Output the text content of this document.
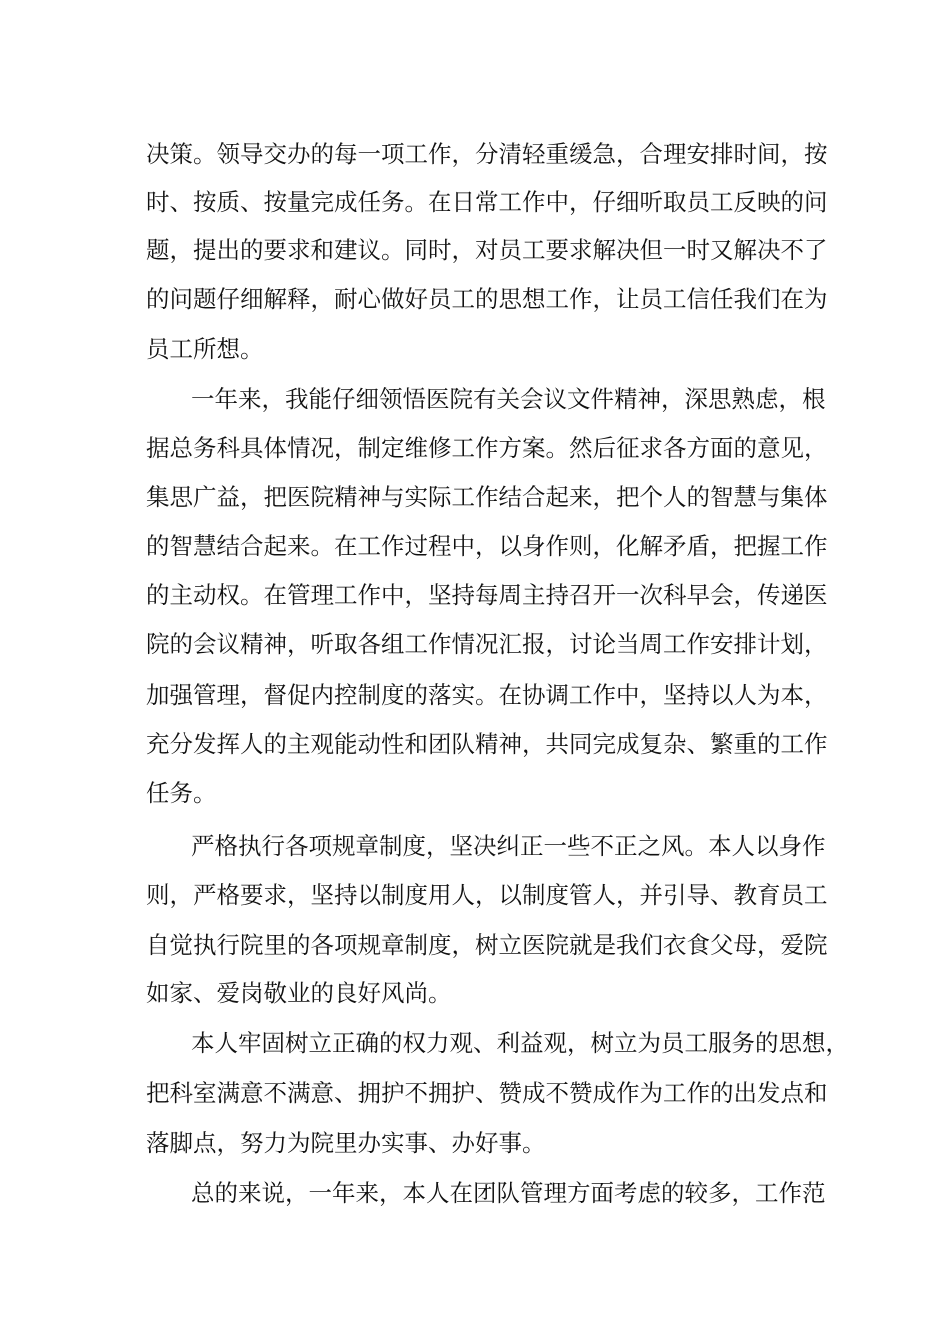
决策。领导交办的每一项工作，分清轻重缓急，合理安排时间，按
时、按质、按量完成任务。在日常工作中，仔细听取员工反映的问
题，提出的要求和建议。同时，对员工要求解决但一时又解决不了
的问题仔细解释，耐心做好员工的思想工作，让员工信任我们在为
员工所想。
一年来，我能仔细领悟医院有关会议文件精神，深思熟虑，根
据总务科具体情况，制定维修工作方案。然后征求各方面的意见，
集思广益，把医院精神与实际工作结合起来，把个人的智慧与集体
的智慧结合起来。在工作过程中，以身作则，化解矛盾，把握工作
的主动权。在管理工作中，坚持每周主持召开一次科早会，传递医
院的会议精神，听取各组工作情况汇报，讨论当周工作安排计划，
加强管理，督促内控制度的落实。在协调工作中，坚持以人为本，
充分发挥人的主观能动性和团队精神，共同完成复杂、繁重的工作
任务。
严格执行各项规章制度，坚决纠正一些不正之风。本人以身作
则，严格要求，坚持以制度用人，以制度管人，并引导、教育员工
自觉执行院里的各项规章制度，树立医院就是我们衣食父母，爱院
如家、爱岗敬业的良好风尚。
本人牢固树立正确的权力观、利益观，树立为员工服务的思想，
把科室满意不满意、拥护不拥护、赞成不赞成作为工作的出发点和
落脚点，努力为院里办实事、办好事。
总的来说，一年来，本人在团队管理方面考虑的较多，工作范
